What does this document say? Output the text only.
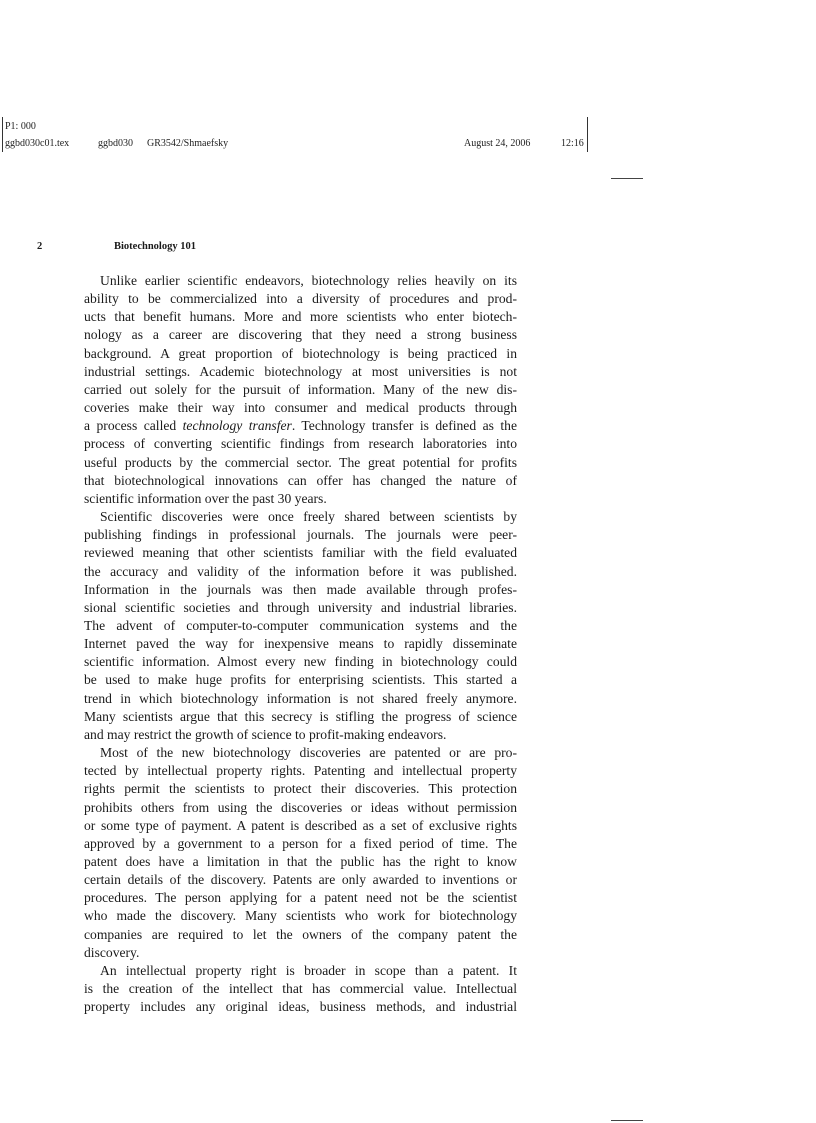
P1: 000
ggbd030c01.tex	ggbd030 GR3542/Shmaefsky	August 24, 2006	12:16
2	Biotechnology 101
Unlike earlier scientific endeavors, biotechnology relies heavily on its
ability to be commercialized into a diversity of procedures and prod-
ucts that benefit humans. More and more scientists who enter biotech-
nology as a career are discovering that they need a strong business
background. A great proportion of biotechnology is being practiced in
industrial settings. Academic biotechnology at most universities is not
carried out solely for the pursuit of information. Many of the new dis-
coveries make their way into consumer and medical products through
a process called technology transfer. Technology transfer is defined as the
process of converting scientific findings from research laboratories into
useful products by the commercial sector. The great potential for profits
that biotechnological innovations can offer has changed the nature of
scientific information over the past 30 years.
Scientific discoveries were once freely shared between scientists by
publishing findings in professional journals. The journals were peer-
reviewed meaning that other scientists familiar with the field evaluated
the accuracy and validity of the information before it was published.
Information in the journals was then made available through profes-
sional scientific societies and through university and industrial libraries.
The advent of computer-to-computer communication systems and the
Internet paved the way for inexpensive means to rapidly disseminate
scientific information. Almost every new finding in biotechnology could
be used to make huge profits for enterprising scientists. This started a
trend in which biotechnology information is not shared freely anymore.
Many scientists argue that this secrecy is stifling the progress of science
and may restrict the growth of science to profit-making endeavors.
Most of the new biotechnology discoveries are patented or are pro-
tected by intellectual property rights. Patenting and intellectual property
rights permit the scientists to protect their discoveries. This protection
prohibits others from using the discoveries or ideas without permission
or some type of payment. A patent is described as a set of exclusive rights
approved by a government to a person for a fixed period of time. The
patent does have a limitation in that the public has the right to know
certain details of the discovery. Patents are only awarded to inventions or
procedures. The person applying for a patent need not be the scientist
who made the discovery. Many scientists who work for biotechnology
companies are required to let the owners of the company patent the
discovery.
An intellectual property right is broader in scope than a patent. It
is the creation of the intellect that has commercial value. Intellectual
property includes any original ideas, business methods, and industrial
